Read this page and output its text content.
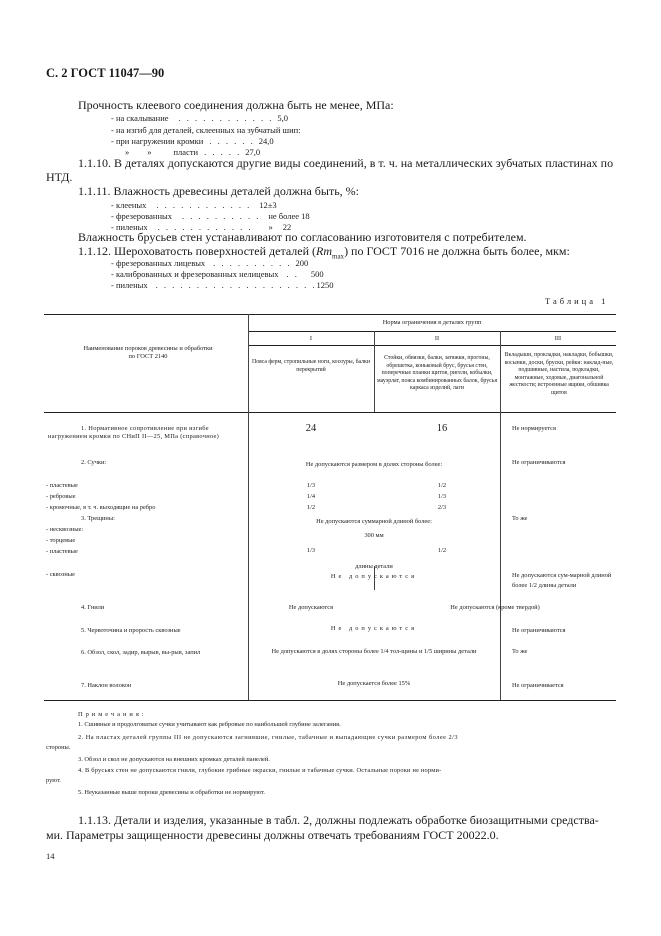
С. 2 ГОСТ 11047—90
Прочность клеевого соединения должна быть не менее, МПа:
- на скалывание . . . . . . . . . . . . 5,0
- на изгиб для деталей, склеенных на зубчатый шип:
- при нагружении кромки . . . . . . 24,0
» »	пласти . . . . . 27,0
1.1.10. В деталях допускаются другие виды соединений, в т. ч. на металлических зубчатых пластинах по
НТД.
1.1.11. Влажность древесины деталей должна быть, %:
- клееных . . . . . . . . . . . . 12±3
- фрезерованных . . . . . . . . . . не более 18
- пиленых . . . . . . . . . . . . » 22
Влажность брусьев стен устанавливают по согласованию изготовителя с потребителем.
1.1.12. Шероховатость поверхностей деталей $(Rm_{max})$ по ГОСТ 7016 не должна быть более, мкм:
- фрезерованных лицевых . . . . . . . . . . 200
- калиброванных и фрезерованных нелицевых . . 500
- пиленых . . . . . . . . . . . . . . . . . . . .1250
Таблица 1
Наименование пороков древесины и обработки по ГОСТ 2140
Норма ограничения в деталях групп
I	II	III
Пояса ферм, стропильные ноги, косоуры, балки перекрытий
Стойки, обвязки, балки, затяжки, прогоны, обрешетка, коньковый брус, брусья стен, поперечные планки щитов, ригели, кобылки, мауэрлат, пояса комбинированных балок, брусья каркаса изделий, лаги
Вкладыши, прокладки, накладки, бобышки, косынки, доски, бруски, рейки: наклад-ные, подшивные, настила, подкладки, монтажные, ходовые, диагональной жесткости; встроенные ящики, обшивка щитов
1. Нормативное сопротивление при изгибе нагружением кромки по СНиП II—25, МПа (справочное)
24	16	Не нормируется
2. Сучки:	Не допускаются размером в долях стороны более:	Не ограничиваются
- пластевые	1/3	1/2
- ребровые	1/4	1/3
- кромочные, в т. ч. выходящие на ребро	1/2	2/3
3. Трещины:	Не допускаются суммарной длиной более:	То же
- несквозные:
- торцевые
300 мм
- пластевые	1/3	1/2
длины детали
- сквозные	Не допускаются	Не допускаются сум-марной длиной более 1/2 длины детали
4. Гнили	Не допускаются	Не допускаются (кроме твердой)
5. Червоточина и прорость сквозные	Не допускаются	Не ограничиваются
6. Обзол, скол, задир, вырыв, вы-рыв, запил	Не допускаются в долях стороны более 1/4 тол-щины и 1/5 ширины детали	То же
7. Наклон волокон	Не допускается более 15%	Не ограничивается
Примечания:
1. Сшивные и продолговатые сучки учитывают как ребровые по наибольшей глубине залегания.
2. На пластах деталей группы III не допускаются загнившие, гнилые, табачные и выпадающие сучки размером более 2/3
стороны.
3. Обзол и скол не допускаются на внешних кромках деталей панелей.
4. В брусьях стен не допускаются гнили, глубокие грибные окраски, гнилые и табачные сучки. Остальные пороки не норми-
руют.
5. Неуказанные выше пороки древесины и обработки не нормируют.
1.1.13. Детали и изделия, указанные в табл. 2, должны подлежать обработке биозащитными средства-
ми. Параметры защищенности древесины должны отвечать требованиям ГОСТ 20022.0.
14
